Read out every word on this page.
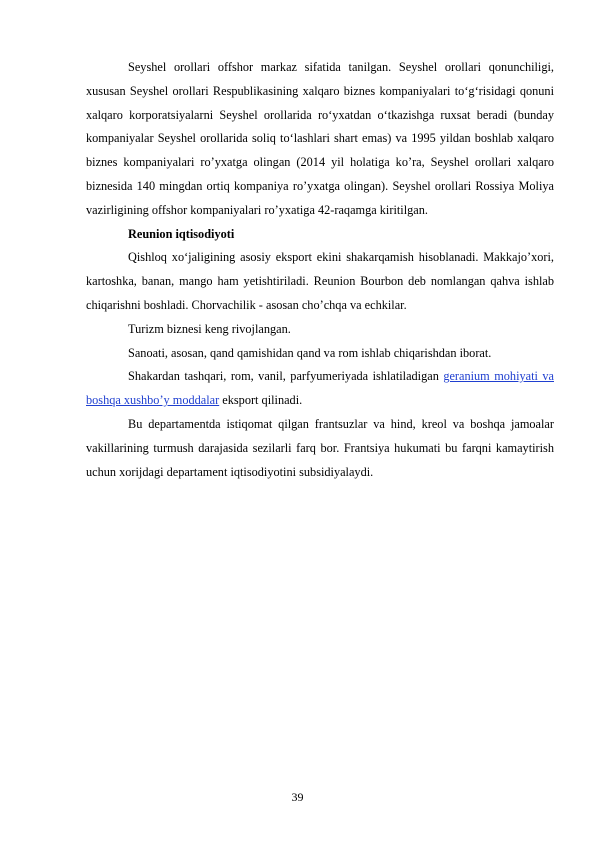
Seyshel orollari offshor markaz sifatida tanilgan. Seyshel orollari qonunchiligi, xususan Seyshel orollari Respublikasining xalqaro biznes kompaniyalari toʻgʻrisidagi qonuni xalqaro korporatsiyalarni Seyshel orollarida roʻyxatdan oʻtkazishga ruxsat beradi (bunday kompaniyalar Seyshel orollarida soliq toʻlashlari shart emas) va 1995 yildan boshlab xalqaro biznes kompaniyalari ro’yxatga olingan (2014 yil holatiga ko’ra, Seyshel orollari xalqaro biznesida 140 mingdan ortiq kompaniya ro’yxatga olingan). Seyshel orollari Rossiya Moliya vazirligining offshor kompaniyalari ro’yxatiga 42-raqamga kiritilgan.

Reunion iqtisodiyoti

Qishloq xoʻjaligining asosiy eksport ekini shakarqamish hisoblanadi. Makkajo’xori, kartoshka, banan, mango ham yetishtiriladi. Reunion Bourbon deb nomlangan qahva ishlab chiqarishni boshladi. Chorvachilik - asosan cho’chqa va echkilar.

Turizm biznesi keng rivojlangan.

Sanoati, asosan, qand qamishidan qand va rom ishlab chiqarishdan iborat.

Shakardan tashqari, rom, vanil, parfyumeriyada ishlatiladigan geranium mohiyati va boshqa xushbo’y moddalar eksport qilinadi.

Bu departamentda istiqomat qilgan frantsuzlar va hind, kreol va boshqa jamoalar vakillarining turmush darajasida sezilarli farq bor. Frantsiya hukumati bu farqni kamaytirish uchun xorijdagi departament iqtisodiyotini subsidiyalaydi.

39
